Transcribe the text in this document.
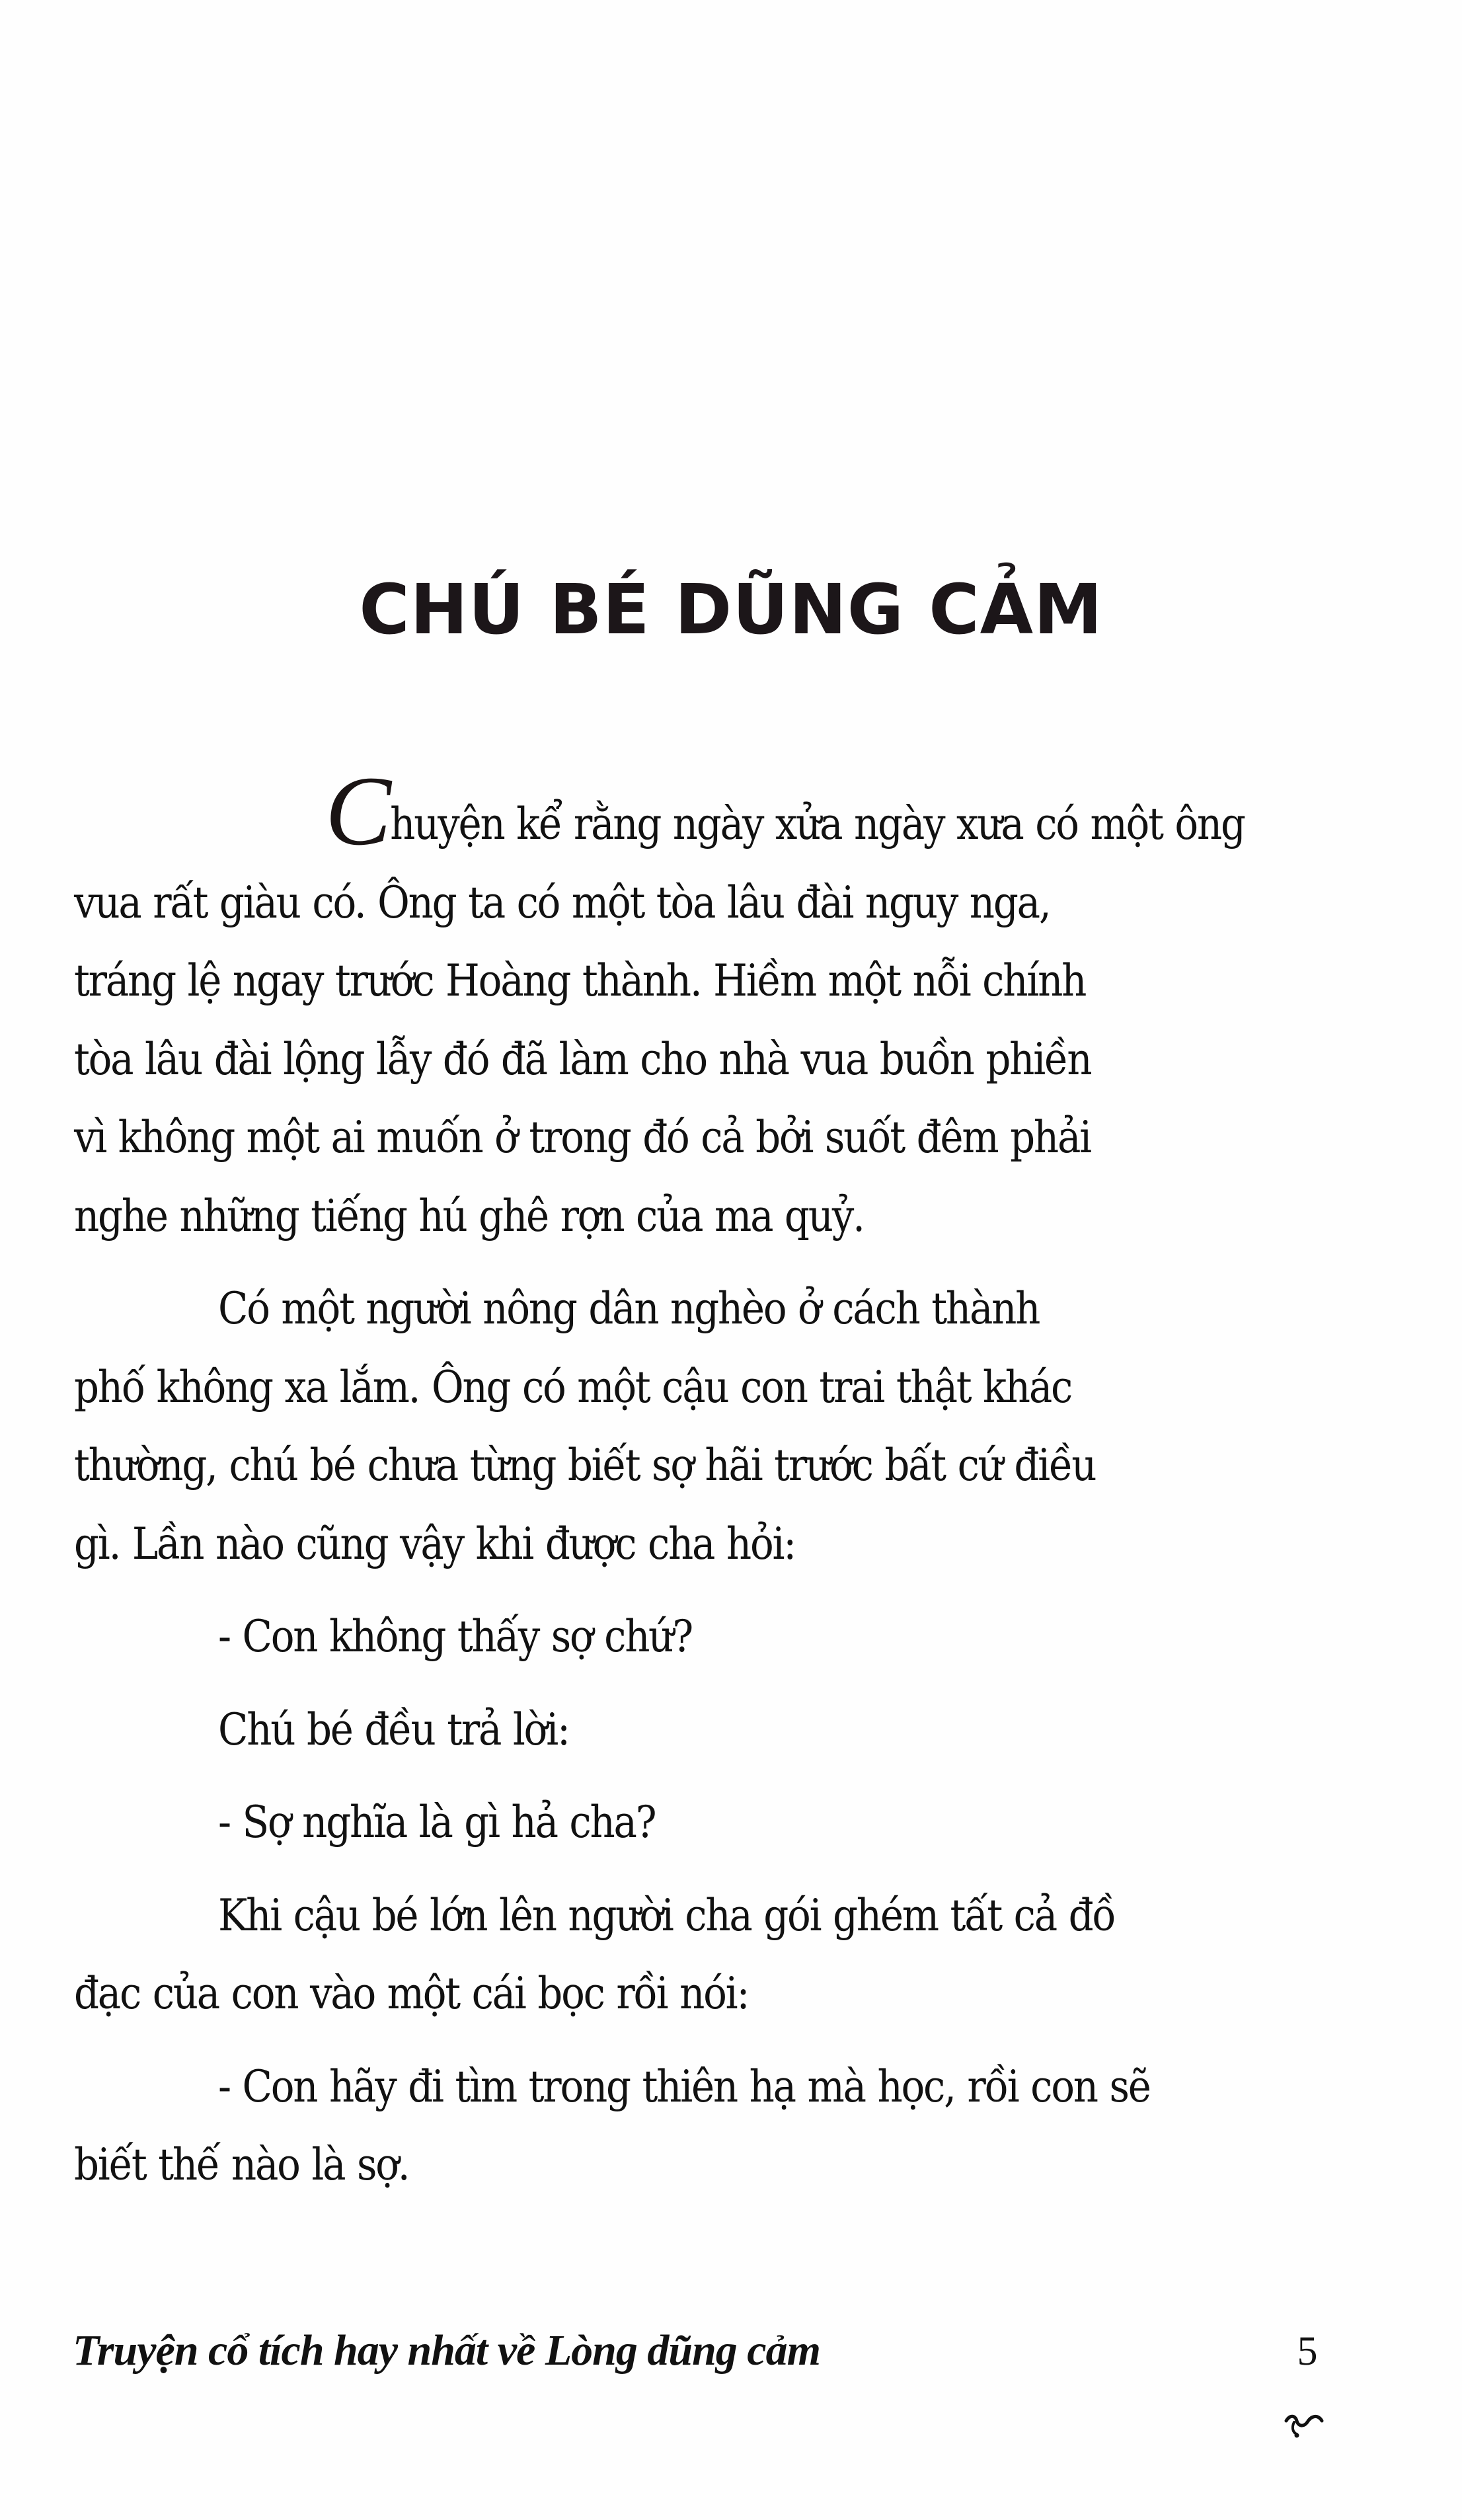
CHÚ BÉ DŨNG CẢM

Chuyện kể rằng ngày xửa ngày xưa có một ông
vua rất giàu có. Ông ta có một tòa lâu đài nguy nga,
tráng lệ ngay trước Hoàng thành. Hiềm một nỗi chính
tòa lâu đài lộng lẫy đó đã làm cho nhà vua buồn phiền
vì không một ai muốn ở trong đó cả bởi suốt đêm phải
nghe những tiếng hú ghê rợn của ma quỷ.

Có một người nông dân nghèo ở cách thành
phố không xa lắm. Ông có một cậu con trai thật khác
thường, chú bé chưa từng biết sợ hãi trước bất cứ điều
gì. Lần nào cũng vậy khi được cha hỏi:

- Con không thấy sợ chứ?

Chú bé đều trả lời:

- Sợ nghĩa là gì hả cha?

Khi cậu bé lớn lên người cha gói ghém tất cả đồ
đạc của con vào một cái bọc rồi nói:

- Con hãy đi tìm trong thiên hạ mà học, rồi con sẽ
biết thế nào là sợ.

Truyện cổ tích hay nhất về Lòng dũng cảm	5
